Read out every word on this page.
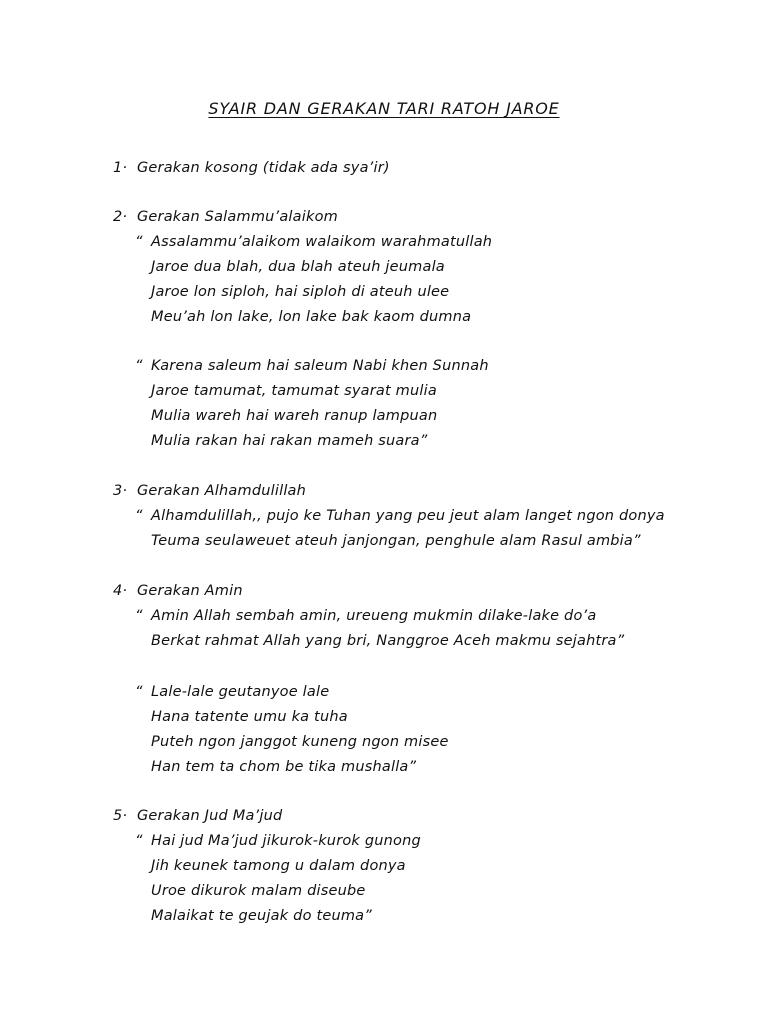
SYAIR DAN GERAKAN TARI RATOH JAROE
1· Gerakan kosong (tidak ada sya’ir)
2· Gerakan Salammu’alaikom
“ Assalammu’alaikom walaikom warahmatullah
Jaroe dua blah, dua blah ateuh jeumala
Jaroe lon siploh, hai siploh di ateuh ulee
Meu’ah lon lake, lon lake bak kaom dumna
“ Karena saleum hai saleum Nabi khen Sunnah
Jaroe tamumat, tamumat syarat mulia
Mulia wareh hai wareh ranup lampuan
Mulia rakan hai rakan mameh suara”
3· Gerakan Alhamdulillah
“ Alhamdulillah,, pujo ke Tuhan yang peu jeut alam langet ngon donya
Teuma seulaweuet ateuh janjongan, penghule alam Rasul ambia”
4· Gerakan Amin
“ Amin Allah sembah amin, ureueng mukmin dilake-lake do’a
Berkat rahmat Allah yang bri, Nanggroe Aceh makmu sejahtra”
“ Lale-lale geutanyoe lale
Hana tatente umu ka tuha
Puteh ngon janggot kuneng ngon misee
Han tem ta chom be tika mushalla”
5· Gerakan Jud Ma’jud
“ Hai jud Ma’jud jikurok-kurok gunong
Jih keunek tamong u dalam donya
Uroe dikurok malam diseube
Malaikat te geujak do teuma”
